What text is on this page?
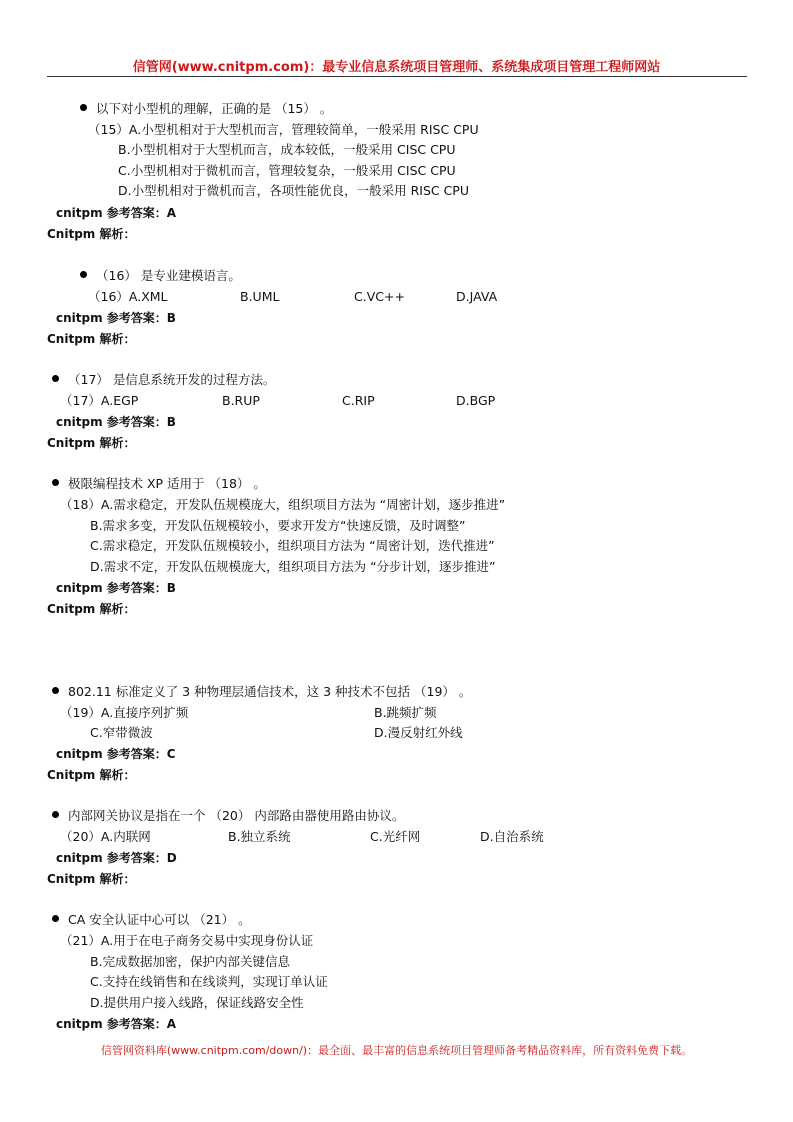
信管网(www.cnitpm.com)：最专业信息系统项目管理师、系统集成项目管理工程师网站
以下对小型机的理解，正确的是 （15） 。
（15）A.小型机相对于大型机而言，管理较简单，一般采用 RISC CPU
B.小型机相对于大型机而言，成本较低，一般采用 CISC CPU
C.小型机相对于微机而言，管理较复杂，一般采用 CISC CPU
D.小型机相对于微机而言，各项性能优良，一般采用 RISC CPU
cnitpm 参考答案：A
Cnitpm 解析：
（16） 是专业建模语言。
（16）A.XML	B.UML	C.VC++	D.JAVA
cnitpm 参考答案：B
Cnitpm 解析：
（17） 是信息系统开发的过程方法。
（17）A.EGP	B.RUP	C.RIP	D.BGP
cnitpm 参考答案：B
Cnitpm 解析：
极限编程技术 XP 适用于 （18） 。
（18）A.需求稳定，开发队伍规模庞大，组织项目方法为 “周密计划，逐步推进”
B.需求多变，开发队伍规模较小，要求开发方“快速反馈，及时调整”
C.需求稳定，开发队伍规模较小，组织项目方法为 “周密计划，迭代推进”
D.需求不定，开发队伍规模庞大，组织项目方法为 “分步计划，逐步推进”
cnitpm 参考答案：B
Cnitpm 解析：
802.11 标准定义了 3 种物理层通信技术，这 3 种技术不包括 （19） 。
（19）A.直接序列扩频	B.跳频扩频
C.窄带微波	D.漫反射红外线
cnitpm 参考答案：C
Cnitpm 解析：
内部网关协议是指在一个 （20） 内部路由器使用路由协议。
（20）A.内联网	B.独立系统	C.光纤网	D.自治系统
cnitpm 参考答案：D
Cnitpm 解析：
CA 安全认证中心可以 （21） 。
（21）A.用于在电子商务交易中实现身份认证
B.完成数据加密，保护内部关键信息
C.支持在线销售和在线谈判，实现订单认证
D.提供用户接入线路，保证线路安全性
cnitpm 参考答案：A
信管网资料库(www.cnitpm.com/down/)：最全面、最丰富的信息系统项目管理师备考精品资料库，所有资料免费下载。
